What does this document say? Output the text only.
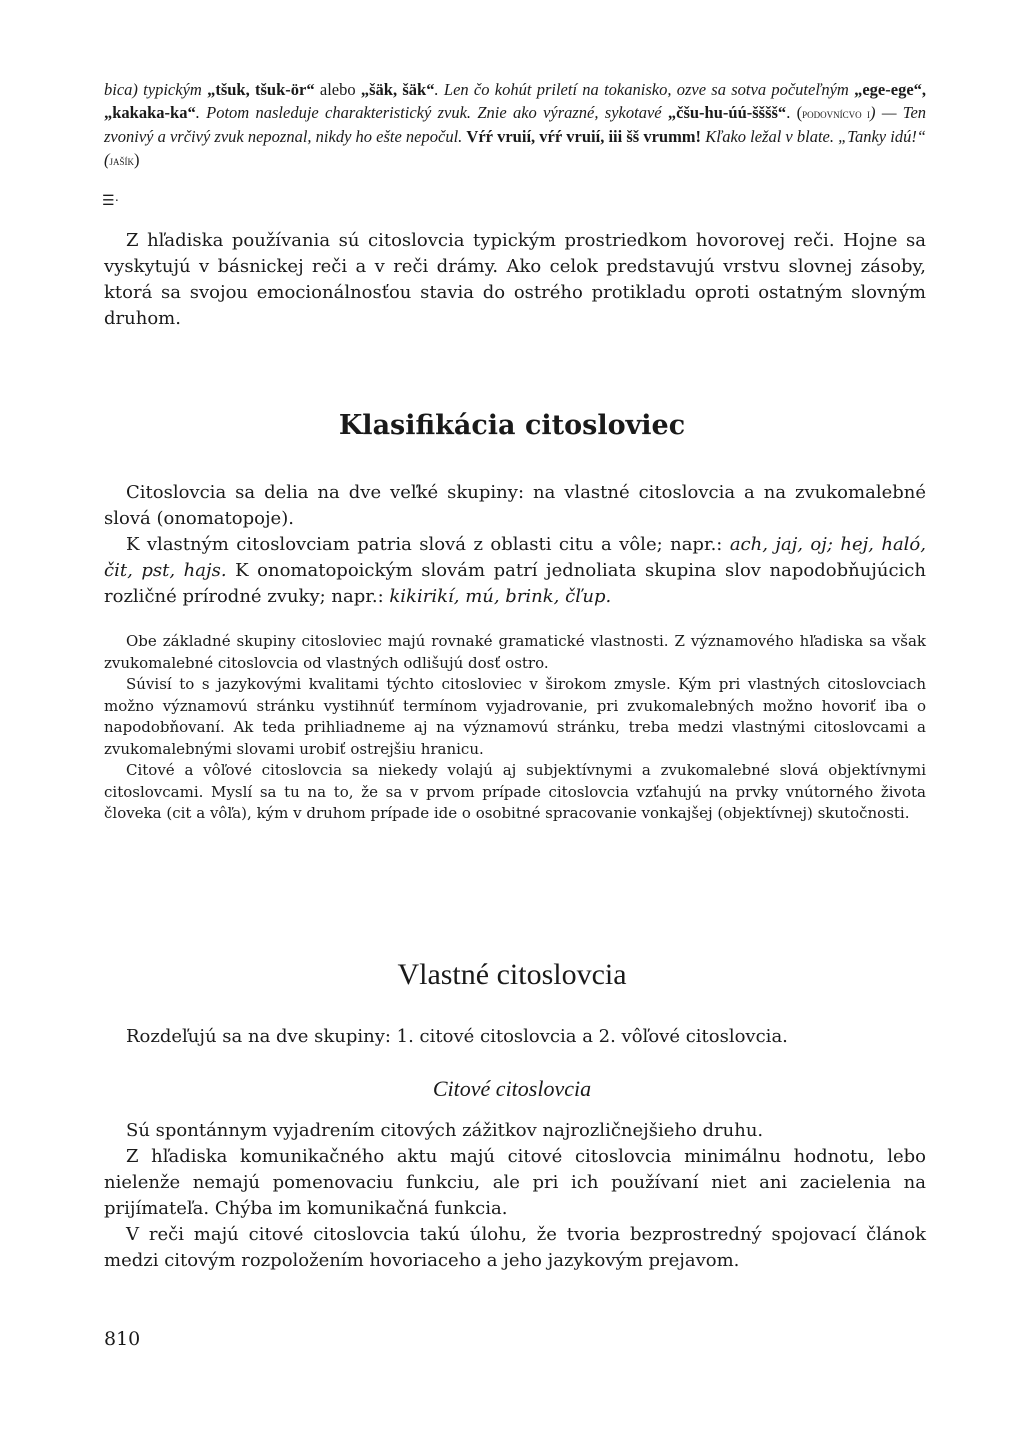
bica) typickým „tšuk, tšuk-ör“ alebo „šäk, šäk“. Len čo kohút priletí na tokanisko, ozve sa sotva počuteľným „ege-ege“, „kakaka-ka“. Potom nasleduje charakteristický zvuk. Znie ako výrazné, sykotavé „čšu-hu-úú-šššš“. (podovnícvo i) — Ten zvonivý a vrčivý zvuk nepoznal, nikdy ho ešte nepočul. Vŕŕ vruií, vŕŕ vruií, iii šš vrumm! Kľako ležal v blate. „Tanky idú!“ (jašík)
☰·

Z hľadiska používania sú citoslovcia typickým prostriedkom hovorovej reči. Hojne sa vyskytujú v básnickej reči a v reči drámy. Ako celok predstavujú vrstvu slovnej zásoby, ktorá sa svojou emocionálnosťou stavia do ostrého protikladu oproti ostatným slovným druhom.

Klasifikácia citosloviec

Citoslovcia sa delia na dve veľké skupiny: na vlastné citoslovcia a na zvukomalebné slová (onomatopoje).

K vlastným citoslovciam patria slová z oblasti citu a vôle; napr.: ach, jaj, oj; hej, haló, čit, pst, hajs. K onomatopoickým slovám patrí jednoliata skupina slov napodobňujúcich rozličné prírodné zvuky; napr.: kikirikí, mú, brink, čľup.

Obe základné skupiny citosloviec majú rovnaké gramatické vlastnosti. Z významového hľadiska sa však zvukomalebné citoslovcia od vlastných odlišujú dosť ostro.

Súvisí to s jazykovými kvalitami týchto citosloviec v širokom zmysle. Kým pri vlastných citoslovciach možno významovú stránku vystihnúť termínom vyjadrovanie, pri zvukomalebných možno hovoriť iba o napodobňovaní. Ak teda prihliadneme aj na významovú stránku, treba medzi vlastnými citoslovcami a zvukomalebnými slovami urobiť ostrejšiu hranicu.

Citové a vôľové citoslovcia sa niekedy volajú aj subjektívnymi a zvukomalebné slová objektívnymi citoslovcami. Myslí sa tu na to, že sa v prvom prípade citoslovcia vzťahujú na prvky vnútorného života človeka (cit a vôľa), kým v druhom prípade ide o osobitné spracovanie vonkajšej (objektívnej) skutočnosti.

Vlastné citoslovcia

Rozdeľujú sa na dve skupiny: 1. citové citoslovcia a 2. vôľové citoslovcia.

Citové citoslovcia

Sú spontánnym vyjadrením citových zážitkov najrozličnejšieho druhu.

Z hľadiska komunikačného aktu majú citové citoslovcia minimálnu hodnotu, lebo nielenže nemajú pomenovaciu funkciu, ale pri ich používaní niet ani zacielenia na prijímateľa. Chýba im komunikačná funkcia.

V reči majú citové citoslovcia takú úlohu, že tvoria bezprostredný spojovací článok medzi citovým rozpoložením hovoriaceho a jeho jazykovým prejavom.

810
